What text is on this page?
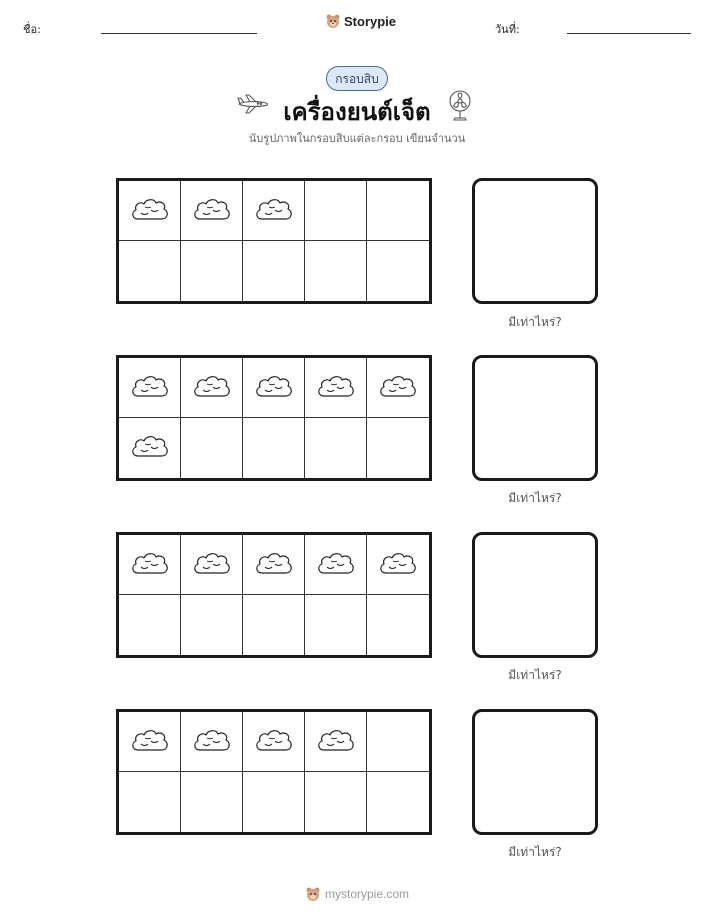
ชื่อ:
Storypie
วันที่:
กรอบสิบ
เครื่องยนต์เจ็ต
นับรูปภาพในกรอบสิบแต่ละกรอบ เขียนจำนวน
มีเท่าไหร่?
มีเท่าไหร่?
มีเท่าไหร่?
มีเท่าไหร่?
mystorypie.com
